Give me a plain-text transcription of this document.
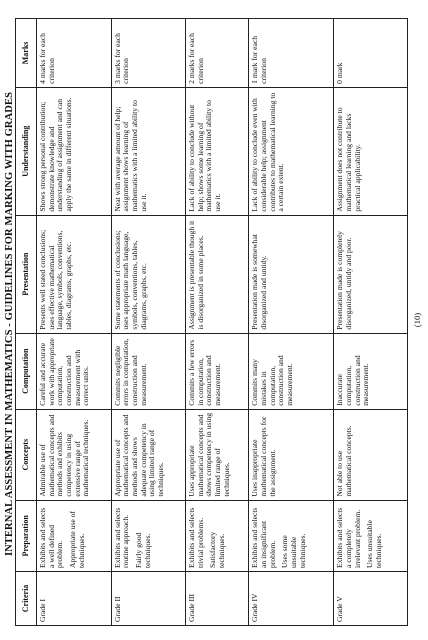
INTERNAL ASSESSMENT IN MATHEMATICS - GUIDELINES FOR MARKING WITH GRADES
Criteria	Preparation	Concepts	Computation	Presentation	Understanding	Marks
Grade I	Exhibits and selects a well defined problem. Appropriate use of techniques.	Admirable use of mathematical concepts and methods and exhibits competency in using extensive range of mathematical techniques.	Careful and accurate work with appropriate computation, construction and measurement with correct units.	Presents well stated conclusions; uses effective mathematical language, symbols, conventions, tables, diagrams, graphs, etc.	Shows strong personal contribution; demonstrate knowledge and understanding of assignment and can apply the same in different situations.	4 marks for each criterion
Grade II	Exhibits and selects routine approach. Fairly good techniques.	Appropriate use of mathematical concepts and methods and shows adequate competency in using limited range of techniques.	Commits negligible errors in computation, construction and measurement.	Some statements of conclusions; uses appropriate math language, symbols, conventions, tables, diagrams, graphs, etc.	Neat with average amount of help; assignment shows learning of mathematics with a limited ability to use it.	3 marks for each criterion
Grade III	Exhibits and selects trivial problems. Satisfactory techniques.	Uses appropriate mathematical concepts and shows competency in using limited range of techniques.	Commits a few errors in computation, construction and measurement.	Assignment is presentable though it is disorganized in some places.	Lack of ability to conclude without help; shows some learning of mathematics with a limited ability to use it.	2 marks for each criterion
Grade IV	Exhibits and selects an insignificant problem. Uses some unsuitable techniques.	Uses inappropriate mathematical concepts for the assignment.	Commits many mistakes in computation, construction and measurement.	Presentation made is somewhat disorganized and untidy.	Lack of ability to conclude even with considerable help; assignment contributes to mathematical learning to a certain extent.	1 mark for each criterion
Grade V	Exhibits and selects a completely irrelevant problem. Uses unsuitable techniques.	Not able to use mathematical concepts.	Inaccurate computation, construction and measurement.	Presentation made is completely disorganized, untidy and poor.	Assignment does not contribute to mathematical learning and lacks practical applicability.	0 mark
(10)
